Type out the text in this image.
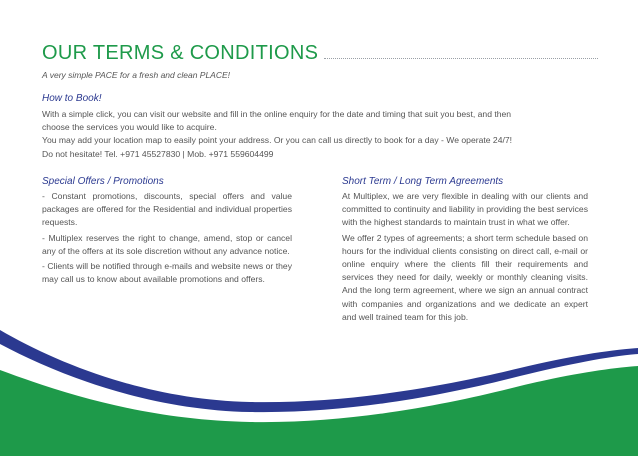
OUR TERMS & CONDITIONS
A very simple PACE for a fresh and clean PLACE!
How to Book!
With a simple click, you can visit our website and fill in the online enquiry for the date and timing that suit you best, and then
choose the services you would like to acquire.
You may add your location map to easily point your address. Or you can call us directly to book for a day - We operate 24/7!
Do not hesitate! Tel. +971 45527830 | Mob. +971 559604499
Special Offers / Promotions
- Constant promotions, discounts, special offers and value packages are offered for the Residential and individual properties requests.
- Multiplex reserves the right to change, amend, stop or cancel any of the offers at its sole discretion without any advance notice.
- Clients will be notified through e-mails and website news or they may call us to know about available promotions and offers.
Short Term / Long Term Agreements
At Multiplex, we are very flexible in dealing with our clients and committed to continuity and liability in providing the best services with the highest standards to maintain trust in what we offer.
We offer 2 types of agreements; a short term schedule based on hours for the individual clients consisting on direct call, e-mail or online enquiry where the clients fill their requirements and services they need for daily, weekly or monthly cleaning visits. And the long term agreement, where we sign an annual contract with companies and organizations and we dedicate an expert and well trained team for this job.
